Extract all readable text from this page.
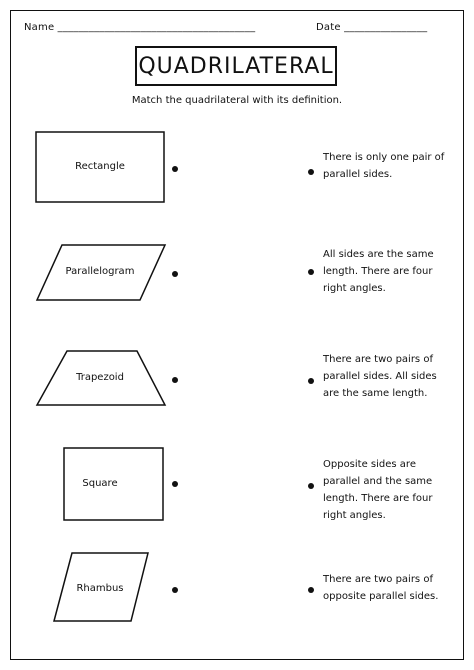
Name ______________________________________	Date ________________
QUADRILATERAL
Match the quadrilateral with its definition.
Rectangle
Parallelogram
Trapezoid
Square
Rhambus
There is only one pair of parallel sides.
All sides are the same length. There are four right angles.
There are two pairs of parallel sides. All sides are the same length.
Opposite sides are parallel and the same length. There are four right angles.
There are two pairs of opposite parallel sides.
